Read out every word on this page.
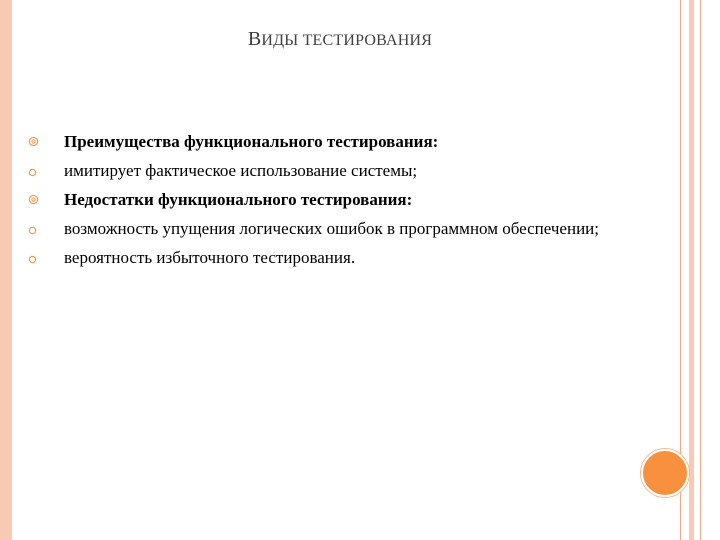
ВИДЫ ТЕСТИРОВАНИЯ
Преимущества функционального тестирования:
имитирует фактическое использование системы;
Недостатки функционального тестирования:
возможность упущения логических ошибок в программном обеспечении;
вероятность избыточного тестирования.
